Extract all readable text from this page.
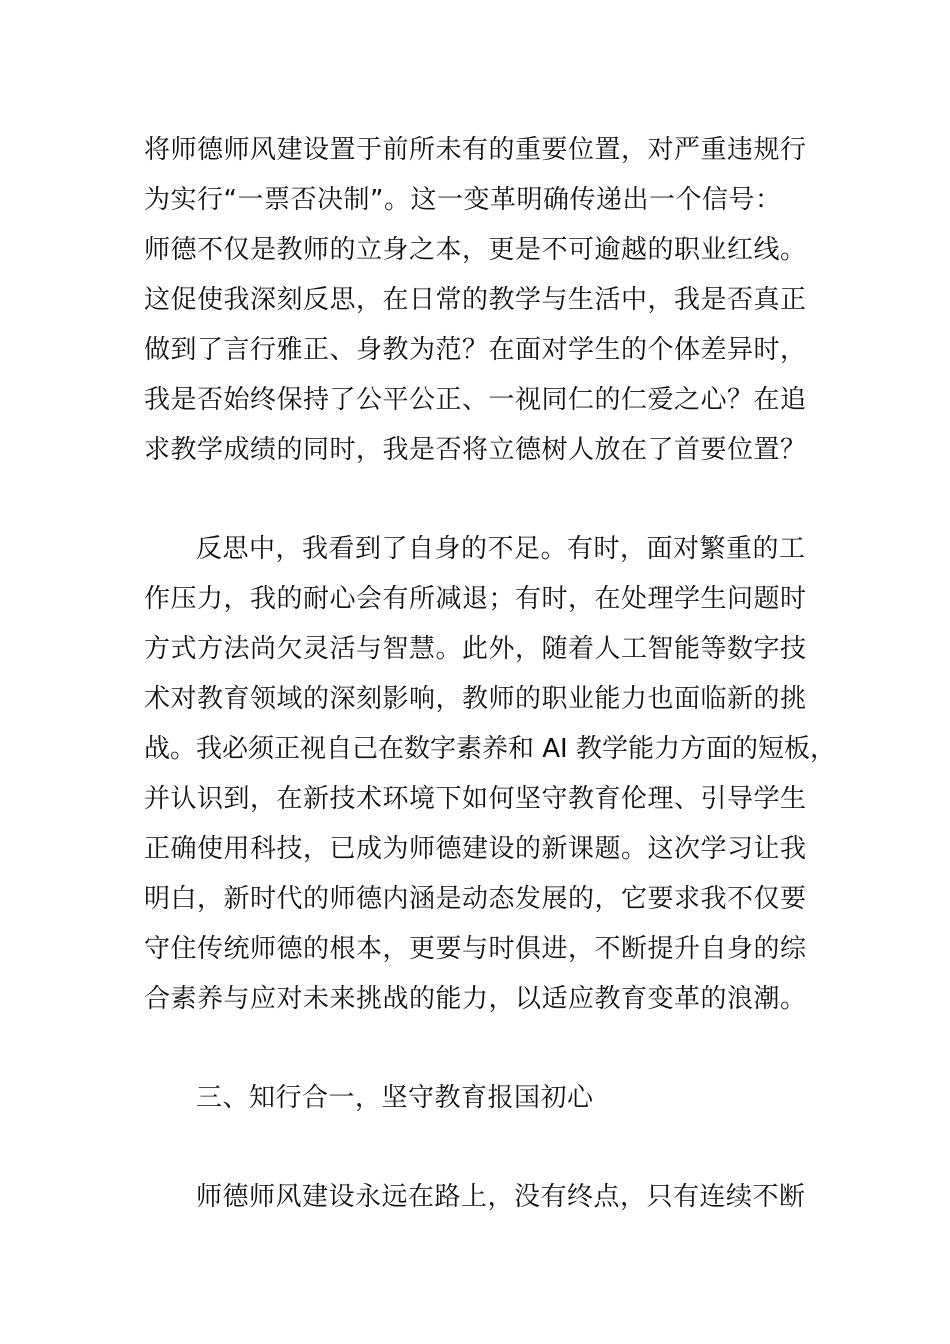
将师德师风建设置于前所未有的重要位置，对严重违规行
为实行“一票否决制”。这一变革明确传递出一个信号：
师德不仅是教师的立身之本，更是不可逾越的职业红线。
这促使我深刻反思，在日常的教学与生活中，我是否真正
做到了言行雅正、身教为范？在面对学生的个体差异时，
我是否始终保持了公平公正、一视同仁的仁爱之心？在追
求教学成绩的同时，我是否将立德树人放在了首要位置？
反思中，我看到了自身的不足。有时，面对繁重的工
作压力，我的耐心会有所减退；有时，在处理学生问题时
方式方法尚欠灵活与智慧。此外，随着人工智能等数字技
术对教育领域的深刻影响，教师的职业能力也面临新的挑
战。我必须正视自己在数字素养和 AI 教学能力方面的短板，
并认识到，在新技术环境下如何坚守教育伦理、引导学生
正确使用科技，已成为师德建设的新课题。这次学习让我
明白，新时代的师德内涵是动态发展的，它要求我不仅要
守住传统师德的根本，更要与时俱进，不断提升自身的综
合素养与应对未来挑战的能力，以适应教育变革的浪潮。
三、知行合一，坚守教育报国初心
师德师风建设永远在路上，没有终点，只有连续不断
